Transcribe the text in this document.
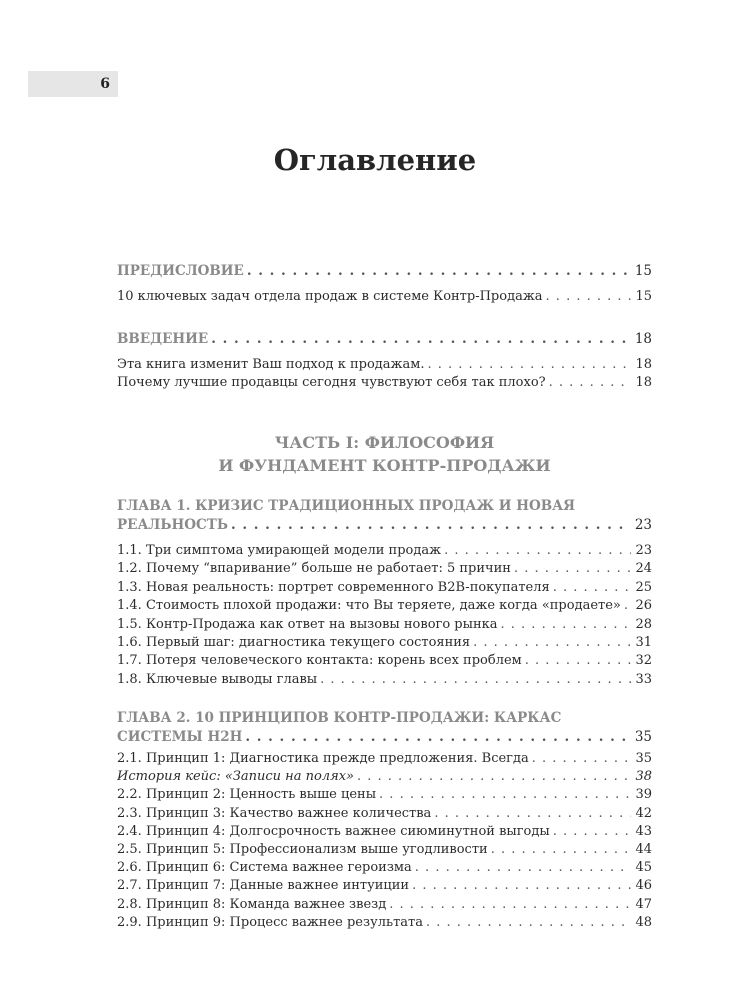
6
Оглавление
ПРЕДИСЛОВИЕ . . .	15
10 ключевых задач отдела продаж в системе Контр-Продажа . . .	15
ВВЕДЕНИЕ . . .	18
Эта книга изменит Ваш подход к продажам. . . .	18
Почему лучшие продавцы сегодня чувствуют себя так плохо? . . .	18
ЧАСТЬ I: ФИЛОСОФИЯ
И ФУНДАМЕНТ КОНТР-ПРОДАЖИ
ГЛАВА 1. КРИЗИС ТРАДИЦИОННЫХ ПРОДАЖ И НОВАЯ
РЕАЛЬНОСТЬ . . .	23
1.1. Три симптома умирающей модели продаж . . .	23
1.2. Почему “впаривание” больше не работает: 5 причин . . .	24
1.3. Новая реальность: портрет современного B2B-покупателя . . .	25
1.4. Стоимость плохой продажи: что Вы теряете, даже когда «продаете» . . . 26
1.5. Контр-Продажа как ответ на вызовы нового рынка . . .	28
1.6. Первый шаг: диагностика текущего состояния . . .	31
1.7. Потеря человеческого контакта: корень всех проблем . . .	32
1.8. Ключевые выводы главы . . .	33
ГЛАВА 2. 10 ПРИНЦИПОВ КОНТР-ПРОДАЖИ: КАРКАС
СИСТЕМЫ H2H . . .	35
2.1. Принцип 1: Диагностика прежде предложения. Всегда . . .	35
История кейс: «Записи на полях» . . .	38
2.2. Принцип 2: Ценность выше цены . . .	39
2.3. Принцип 3: Качество важнее количества . . .	42
2.4. Принцип 4: Долгосрочность важнее сиюминутной выгоды . . .	43
2.5. Принцип 5: Профессионализм выше угодливости . . .	44
2.6. Принцип 6: Система важнее героизма . . .	45
2.7. Принцип 7: Данные важнее интуиции . . .	46
2.8. Принцип 8: Команда важнее звезд . . .	47
2.9. Принцип 9: Процесс важнее результата . . .	48
